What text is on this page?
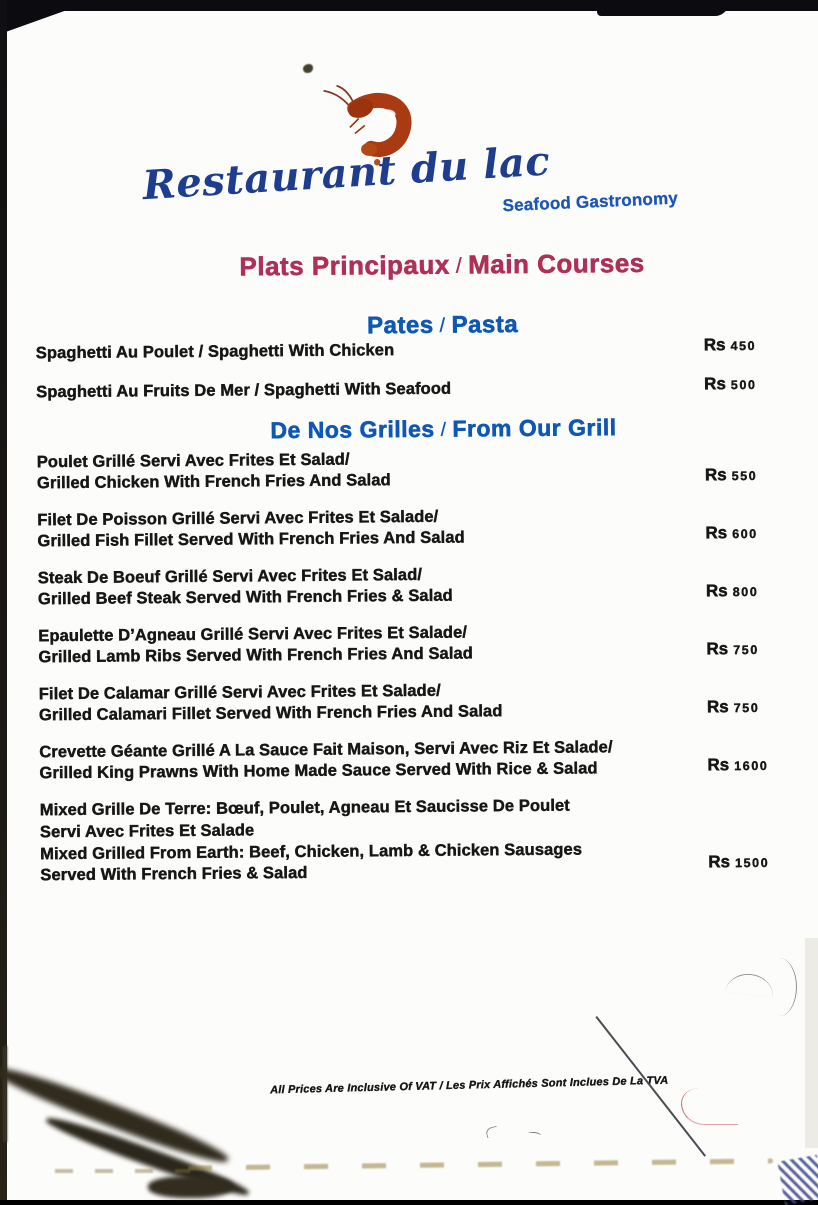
Restaurant du lac
Seafood Gastronomy
Plats Principaux / Main Courses
Pates / Pasta
Spaghetti Au Poulet / Spaghetti With Chicken	Rs 450
Spaghetti Au Fruits De Mer / Spaghetti With Seafood	Rs 500
De Nos Grilles / From Our Grill
Poulet Grillé Servi Avec Frites Et Salad/
Grilled Chicken With French Fries And Salad	Rs 550
Filet De Poisson Grillé Servi Avec Frites Et Salade/
Grilled Fish Fillet Served With French Fries And Salad	Rs 600
Steak De Boeuf Grillé Servi Avec Frites Et Salad/
Grilled Beef Steak Served With French Fries & Salad	Rs 800
Epaulette D’Agneau Grillé Servi Avec Frites Et Salade/
Grilled Lamb Ribs Served With French Fries And Salad	Rs 750
Filet De Calamar Grillé Servi Avec Frites Et Salade/
Grilled Calamari Fillet Served With French Fries And Salad	Rs 750
Crevette Géante Grillé A La Sauce Fait Maison, Servi Avec Riz Et Salade/
Grilled King Prawns With Home Made Sauce Served With Rice & Salad	Rs 1600
Mixed Grille De Terre: Bœuf, Poulet, Agneau Et Saucisse De Poulet
Servi Avec Frites Et Salade
Mixed Grilled From Earth: Beef, Chicken, Lamb & Chicken Sausages
Served With French Fries & Salad
Rs 1500
All Prices Are Inclusive Of VAT / Les Prix Affichés Sont Inclues De La TVA
